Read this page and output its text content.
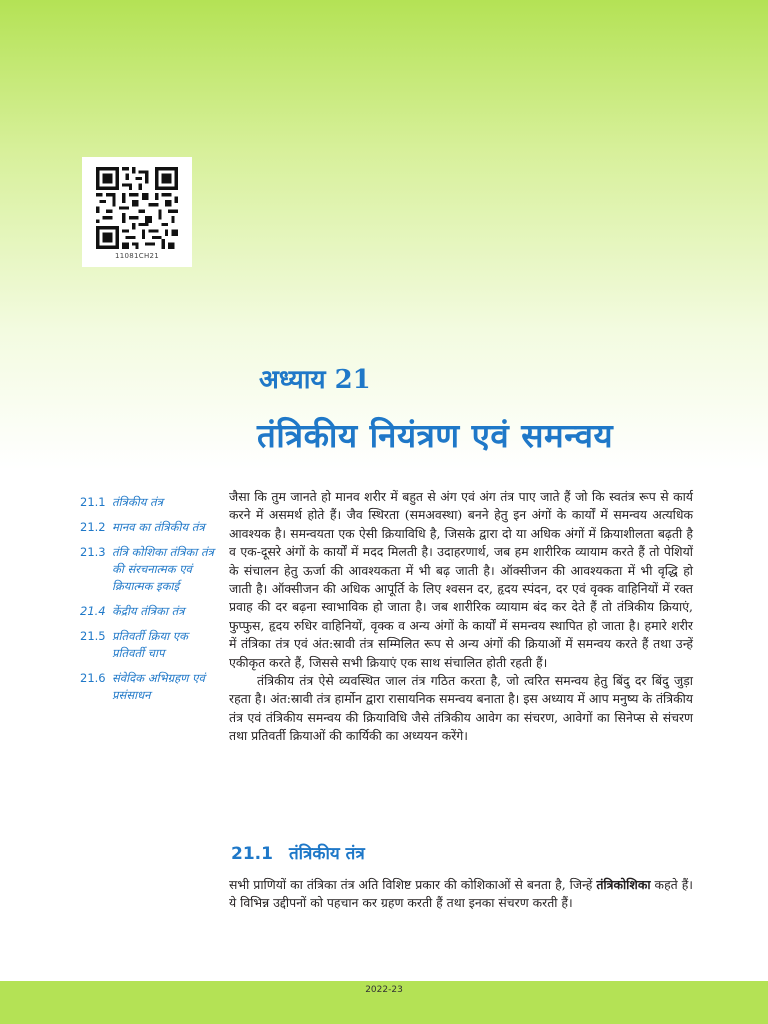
11081CH21
अध्याय 21
तंत्रिकीय नियंत्रण एवं समन्वय
21.1 तंत्रिकीय तंत्र
21.2 मानव का तंत्रिकीय तंत्र
21.3 तंत्रि कोशिका तंत्रिका तंत्र की संरचनात्मक एवं क्रियात्मक इकाई
21.4 केंद्रीय तंत्रिका तंत्र
21.5 प्रतिवर्ती क्रिया एक प्रतिवर्ती चाप
21.6 संवेदिक अभिग्रहण एवं प्रसंसाधन

जैसा कि तुम जानते हो मानव शरीर में बहुत से अंग एवं अंग तंत्र पाए जाते हैं जो कि स्वतंत्र रूप से कार्य करने में असमर्थ होते हैं। जैव स्थिरता (समअवस्था) बनने हेतु इन अंगों के कार्यों में समन्वय अत्यधिक आवश्यक है। समन्वयता एक ऐसी क्रियाविधि है, जिसके द्वारा दो या अधिक अंगों में क्रियाशीलता बढ़ती है व एक-दूसरे अंगों के कार्यों में मदद मिलती है। उदाहरणार्थ, जब हम शारीरिक व्यायाम करते हैं तो पेशियों के संचालन हेतु ऊर्जा की आवश्यकता में भी बढ़ जाती है। ऑक्सीजन की आवश्यकता में भी वृद्धि हो जाती है। ऑक्सीजन की अधिक आपूर्ति के लिए श्वसन दर, हृदय स्पंदन, दर एवं वृक्क वाहिनियों में रक्त प्रवाह की दर बढ़ना स्वाभाविक हो जाता है। जब शारीरिक व्यायाम बंद कर देते हैं तो तंत्रिकीय क्रियाएं, फुप्फुस, हृदय रुधिर वाहिनियों, वृक्क व अन्य अंगों के कार्यों में समन्वय स्थापित हो जाता है। हमारे शरीर में तंत्रिका तंत्र एवं अंत:स्रावी तंत्र सम्मिलित रूप से अन्य अंगों की क्रियाओं में समन्वय करते हैं तथा उन्हें एकीकृत करते हैं, जिससे सभी क्रियाएं एक साथ संचालित होती रहती हैं।

तंत्रिकीय तंत्र ऐसे व्यवस्थित जाल तंत्र गठित करता है, जो त्वरित समन्वय हेतु बिंदु दर बिंदु जुड़ा रहता है। अंत:स्रावी तंत्र हार्मोन द्वारा रासायनिक समन्वय बनाता है। इस अध्याय में आप मनुष्य के तंत्रिकीय तंत्र एवं तंत्रिकीय समन्वय की क्रियाविधि जैसे तंत्रिकीय आवेग का संचरण, आवेगों का सिनेप्स से संचरण तथा प्रतिवर्ती क्रियाओं की कार्यिकी का अध्ययन करेंगे।

21.1 तंत्रिकीय तंत्र

सभी प्राणियों का तंत्रिका तंत्र अति विशिष्ट प्रकार की कोशिकाओं से बनता है, जिन्हें तंत्रिकोशिका कहते हैं। ये विभिन्न उद्दीपनों को पहचान कर ग्रहण करती हैं तथा इनका संचरण करती हैं।

2022-23
